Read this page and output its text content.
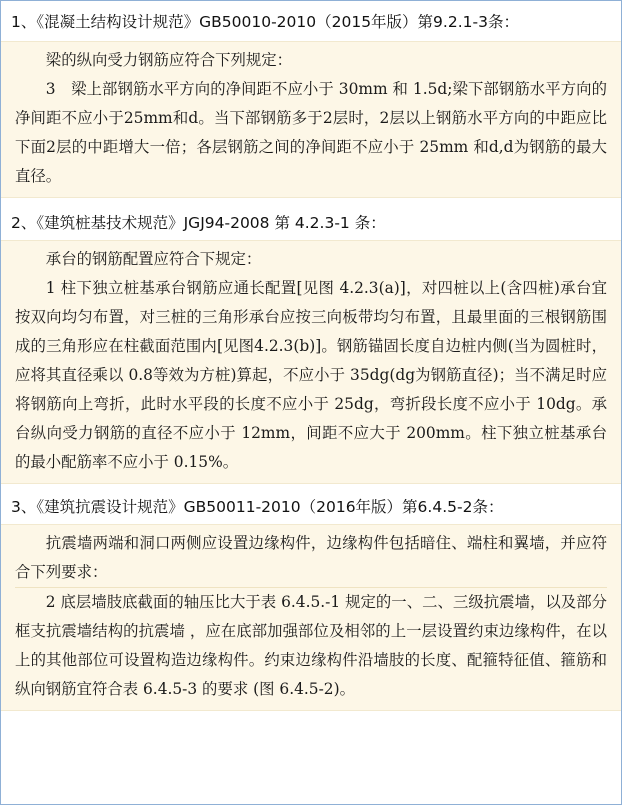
1、《混凝土结构设计规范》GB50010-2010（2015年版）第9.2.1-3条：

梁的纵向受力钢筋应符合下列规定：

3　梁上部钢筋水平方向的净间距不应小于 30mm 和 1.5d;梁下部钢筋水平方向的净间距不应小于25mm和d。当下部钢筋多于2层时，2层以上钢筋水平方向的中距应比下面2层的中距增大一倍；各层钢筋之间的净间距不应小于 25mm 和d,d为钢筋的最大直径。

2、《建筑桩基技术规范》JGJ94-2008 第 4.2.3-1 条：

承台的钢筋配置应符合下规定：

1 柱下独立桩基承台钢筋应通长配置[见图 4.2.3(a)]，对四桩以上(含四桩)承台宜按双向均匀布置，对三桩的三角形承台应按三向板带均匀布置，且最里面的三根钢筋围成的三角形应在柱截面范围内[见图4.2.3(b)]。钢筋锚固长度自边桩内侧(当为圆桩时，应将其直径乘以 0.8等效为方桩)算起，不应小于 35dg(dg为钢筋直径)；当不满足时应将钢筋向上弯折，此时水平段的长度不应小于 25dg，弯折段长度不应小于 10dg。承台纵向受力钢筋的直径不应小于 12mm，间距不应大于 200mm。柱下独立桩基承台的最小配筋率不应小于 0.15%。

3、《建筑抗震设计规范》GB50011-2010（2016年版）第6.4.5-2条：

抗震墙两端和洞口两侧应设置边缘构件，边缘构件包括暗住、端柱和翼墙，并应符合下列要求：

2 底层墙肢底截面的轴压比大于表 6.4.5.-1 规定的一、二、三级抗震墙，以及部分框支抗震墙结构的抗震墙 ，应在底部加强部位及相邻的上一层设置约束边缘构件，在以上的其他部位可设置构造边缘构件。约束边缘构件沿墙肢的长度、配箍特征值、箍筋和纵向钢筋宜符合表 6.4.5-3 的要求 (图 6.4.5-2)。
